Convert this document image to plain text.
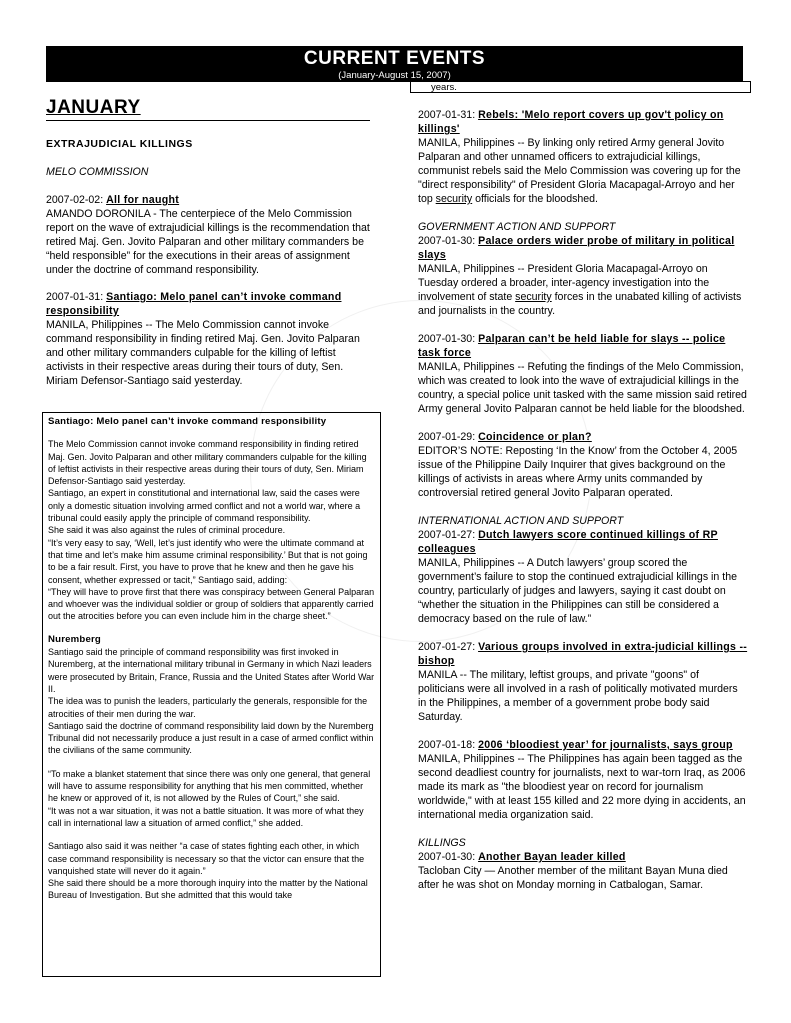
CURRENT EVENTS
(January-August 15, 2007)
years.
JANUARY

EXTRAJUDICIAL KILLINGS

MELO COMMISSION

2007-02-02: All for naught

AMANDO DORONILA - The centerpiece of the Melo Commission report on the wave of extrajudicial killings is the recommendation that retired Maj. Gen. Jovito Palparan and other military commanders be “held responsible” for the executions in their areas of assignment under the doctrine of command responsibility.

2007-01-31: Santiago: Melo panel can’t invoke command responsibility

MANILA, Philippines -- The Melo Commission cannot invoke command responsibility in finding retired Maj. Gen. Jovito Palparan and other military commanders culpable for the killing of leftist activists in their respective areas during their tours of duty, Sen. Miriam Defensor-Santiago said yesterday.

Santiago: Melo panel can’t invoke command responsibility

The Melo Commission cannot invoke command responsibility in finding retired Maj. Gen. Jovito Palparan and other military commanders culpable for the killing of leftist activists in their respective areas during their tours of duty, Sen. Miriam Defensor-Santiago said yesterday.

Santiago, an expert in constitutional and international law, said the cases were only a domestic situation involving armed conflict and not a world war, where a tribunal could easily apply the principle of command responsibility.

She said it was also against the rules of criminal procedure.

“It’s very easy to say, ‘Well, let’s just identify who were the ultimate command at that time and let’s make him assume criminal responsibility.’ But that is not going to be a fair result. First, you have to prove that he knew and then he gave his consent, whether expressed or tacit,” Santiago said, adding:

“They will have to prove first that there was conspiracy between General Palparan and whoever was the individual soldier or group of soldiers that apparently carried out the atrocities before you can even include him in the charge sheet.”

Nuremberg

Santiago said the principle of command responsibility was first invoked in Nuremberg, at the international military tribunal in Germany in which Nazi leaders were prosecuted by Britain, France, Russia and the United States after World War II.

The idea was to punish the leaders, particularly the generals, responsible for the atrocities of their men during the war.

Santiago said the doctrine of command responsibility laid down by the Nuremberg Tribunal did not necessarily produce a just result in a case of armed conflict within the civilians of the same community.

“To make a blanket statement that since there was only one general, that general will have to assume responsibility for anything that his men committed, whether he knew or approved of it, is not allowed by the Rules of Court,” she said.

“It was not a war situation, it was not a battle situation. It was more of what they call in international law a situation of armed conflict,” she added.

Santiago also said it was neither “a case of states fighting each other, in which case command responsibility is necessary so that the victor can ensure that the vanquished state will never do it again.”

She said there should be a more thorough inquiry into the matter by the National Bureau of Investigation. But she admitted that this would take

2007-01-31: Rebels: 'Melo report covers up gov't policy on killings'

MANILA, Philippines -- By linking only retired Army general Jovito Palparan and other unnamed officers to extrajudicial killings, communist rebels said the Melo Commission was covering up for the "direct responsibility" of President Gloria Macapagal-Arroyo and her top security officials for the bloodshed.

GOVERNMENT ACTION AND SUPPORT

2007-01-30: Palace orders wider probe of military in political slays

MANILA, Philippines -- President Gloria Macapagal-Arroyo on Tuesday ordered a broader, inter-agency investigation into the involvement of state security forces in the unabated killing of activists and journalists in the country.

2007-01-30: Palparan can’t be held liable for slays -- police task force

MANILA, Philippines -- Refuting the findings of the Melo Commission, which was created to look into the wave of extrajudicial killings in the country, a special police unit tasked with the same mission said retired Army general Jovito Palparan cannot be held liable for the bloodshed.

2007-01-29: Coincidence or plan?

EDITOR’S NOTE: Reposting ‘In the Know’ from the October 4, 2005 issue of the Philippine Daily Inquirer that gives background on the killings of activists in areas where Army units commanded by controversial retired general Jovito Palparan operated.

INTERNATIONAL ACTION AND SUPPORT

2007-01-27: Dutch lawyers score continued killings of RP colleagues

MANILA, Philippines -- A Dutch lawyers’ group scored the government’s failure to stop the continued extrajudicial killings in the country, particularly of judges and lawyers, saying it cast doubt on “whether the situation in the Philippines can still be considered a democracy based on the rule of law.”

2007-01-27: Various groups involved in extra-judicial killings -- bishop

MANILA -- The military, leftist groups, and private "goons" of politicians were all involved in a rash of politically motivated murders in the Philippines, a member of a government probe body said Saturday.

2007-01-18: 2006 ‘bloodiest year’ for journalists, says group

MANILA, Philippines -- The Philippines has again been tagged as the second deadliest country for journalists, next to war-torn Iraq, as 2006 made its mark as "the bloodiest year on record for journalism worldwide," with at least 155 killed and 22 more dying in accidents, an international media organization said.

KILLINGS

2007-01-30: Another Bayan leader killed

Tacloban City — Another member of the militant Bayan Muna died after he was shot on Monday morning in Catbalogan, Samar.
